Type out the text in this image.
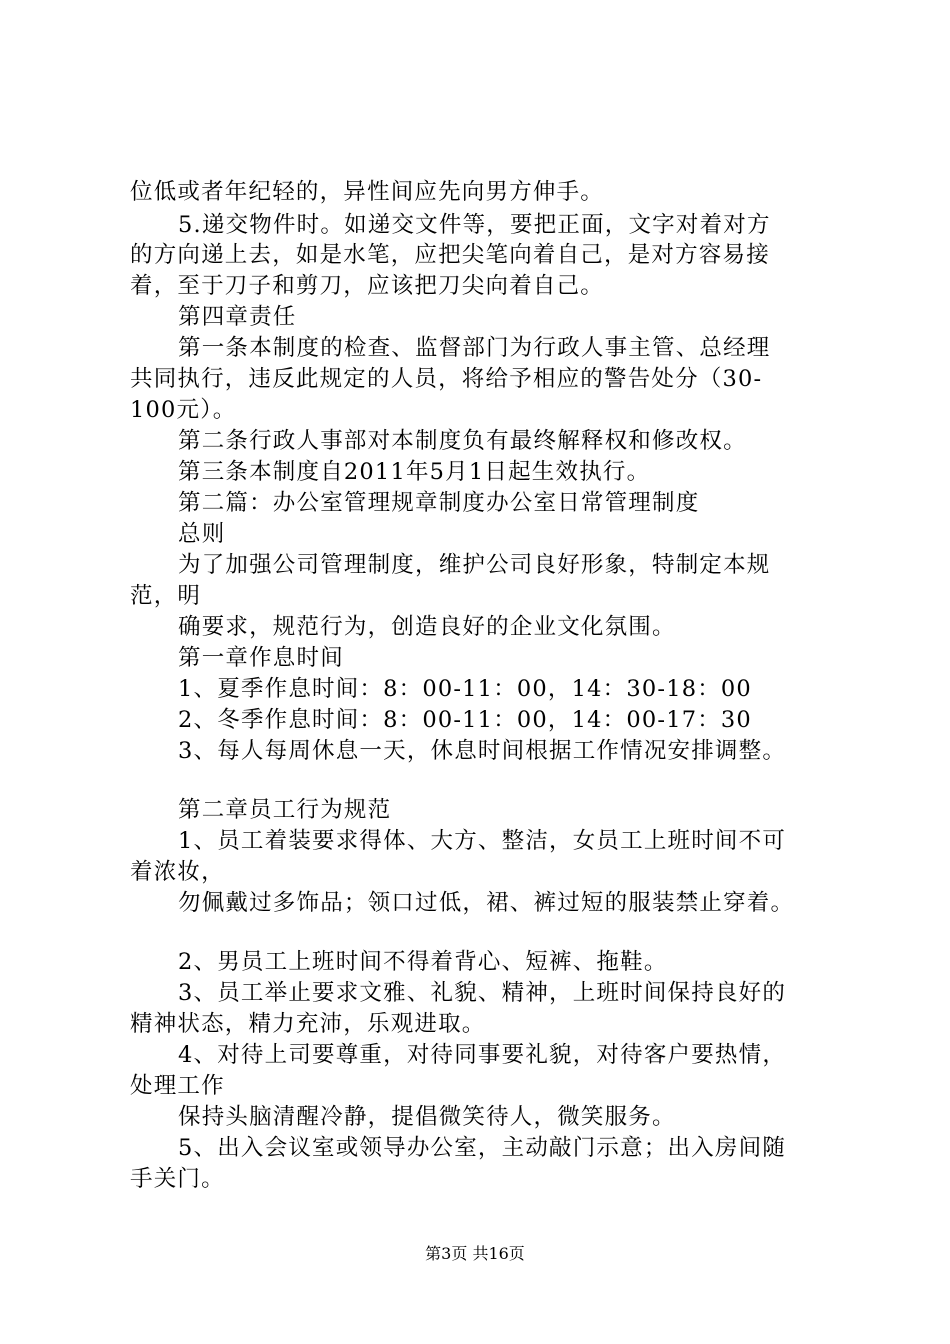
位低或者年纪轻的，异性间应先向男方伸手。
5.递交物件时。如递交文件等，要把正面，文字对着对方
的方向递上去，如是水笔，应把尖笔向着自己，是对方容易接
着，至于刀子和剪刀，应该把刀尖向着自己。
第四章责任
第一条本制度的检查、监督部门为行政人事主管、总经理
共同执行，违反此规定的人员，将给予相应的警告处分（30-
100元）。
第二条行政人事部对本制度负有最终解释权和修改权。
第三条本制度自2011年5月1日起生效执行。
第二篇：办公室管理规章制度办公室日常管理制度
总则
为了加强公司管理制度，维护公司良好形象，特制定本规
范，明
确要求，规范行为，创造良好的企业文化氛围。
第一章作息时间
1、夏季作息时间：8：00-11：00，14：30-18：00
2、冬季作息时间：8：00-11：00，14：00-17：30
3、每人每周休息一天，休息时间根据工作情况安排调整。
第二章员工行为规范
1、员工着装要求得体、大方、整洁，女员工上班时间不可
着浓妆，
勿佩戴过多饰品；领口过低，裙、裤过短的服装禁止穿着。
2、男员工上班时间不得着背心、短裤、拖鞋。
3、员工举止要求文雅、礼貌、精神，上班时间保持良好的
精神状态，精力充沛，乐观进取。
4、对待上司要尊重，对待同事要礼貌，对待客户要热情，
处理工作
保持头脑清醒冷静，提倡微笑待人，微笑服务。
5、出入会议室或领导办公室，主动敲门示意；出入房间随
手关门。
第3页 共16页
